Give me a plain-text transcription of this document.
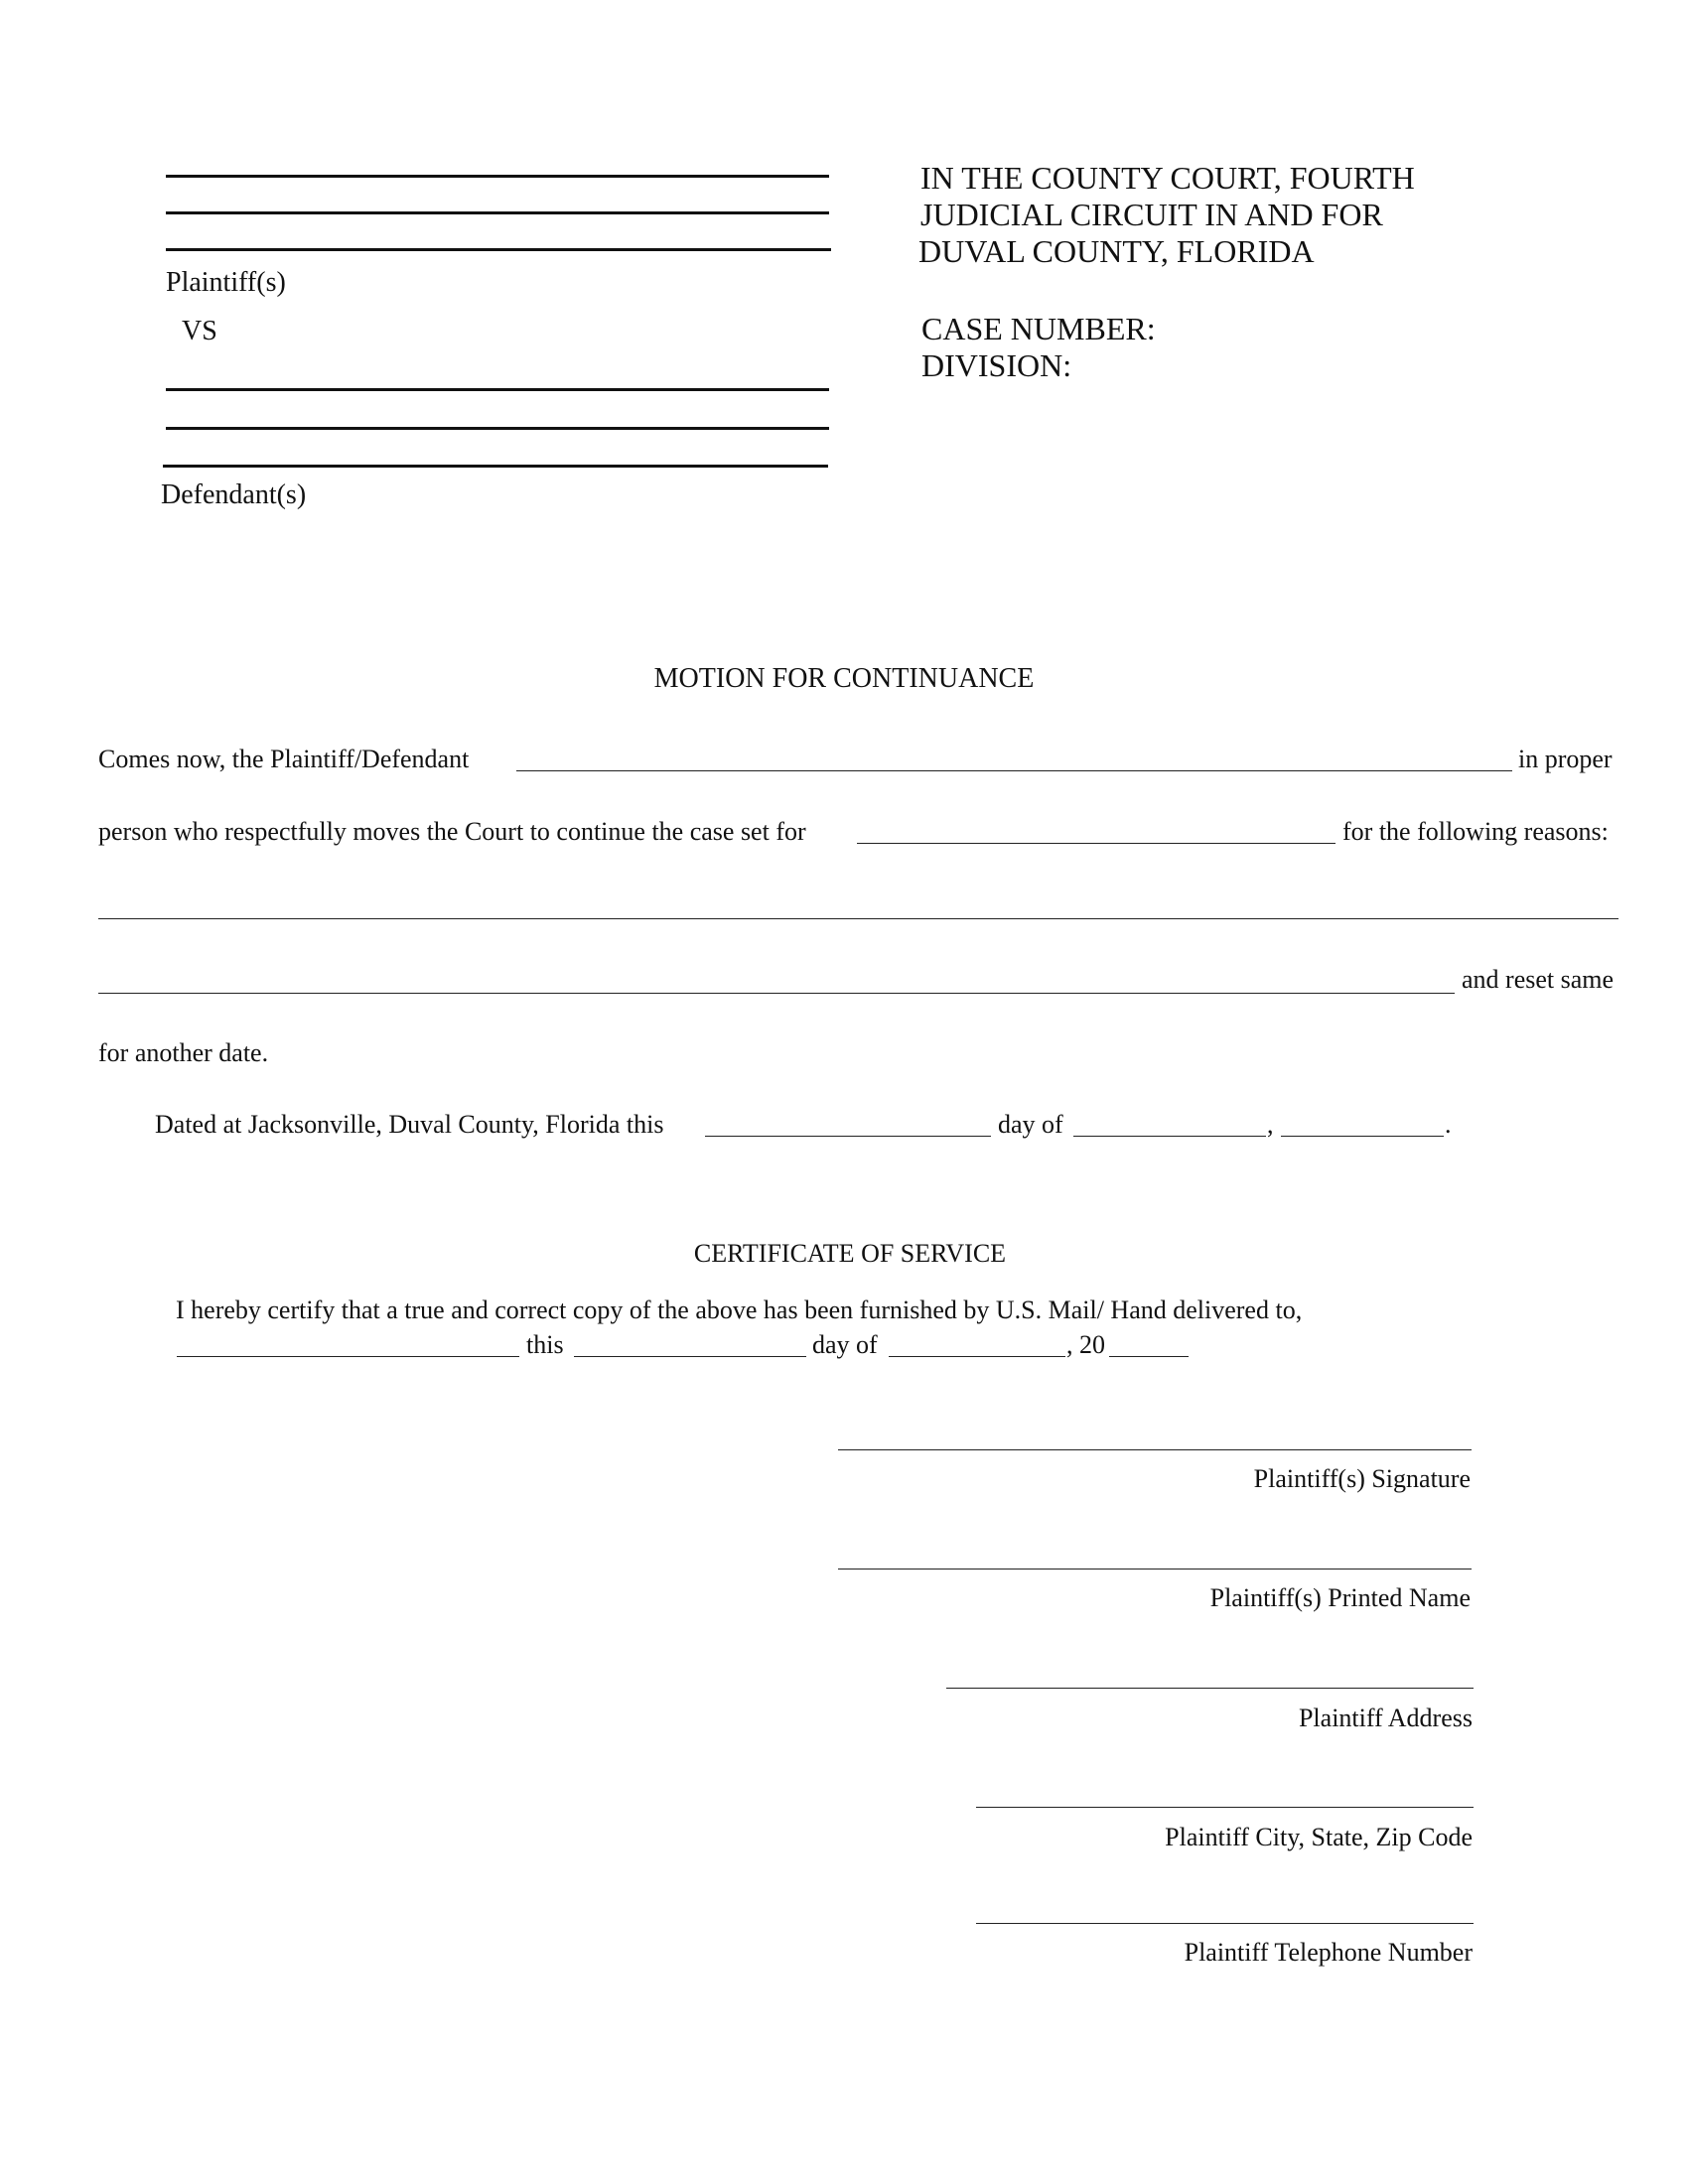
Plaintiff(s)
VS
Defendant(s)
IN THE COUNTY COURT, FOURTH
JUDICIAL CIRCUIT IN AND FOR
DUVAL COUNTY, FLORIDA
CASE NUMBER:
DIVISION:
MOTION FOR CONTINUANCE
Comes now, the Plaintiff/Defendant	in proper
person who respectfully moves the Court to continue the case set for	for the following reasons:
and reset same
for another date.
Dated at Jacksonville, Duval County, Florida this	day of	,	.
CERTIFICATE OF SERVICE
I hereby certify that a true and correct copy of the above has been furnished by U.S. Mail/ Hand delivered to,
this	day of	, 20
Plaintiff(s) Signature
Plaintiff(s) Printed Name
Plaintiff Address
Plaintiff City, State, Zip Code
Plaintiff Telephone Number
